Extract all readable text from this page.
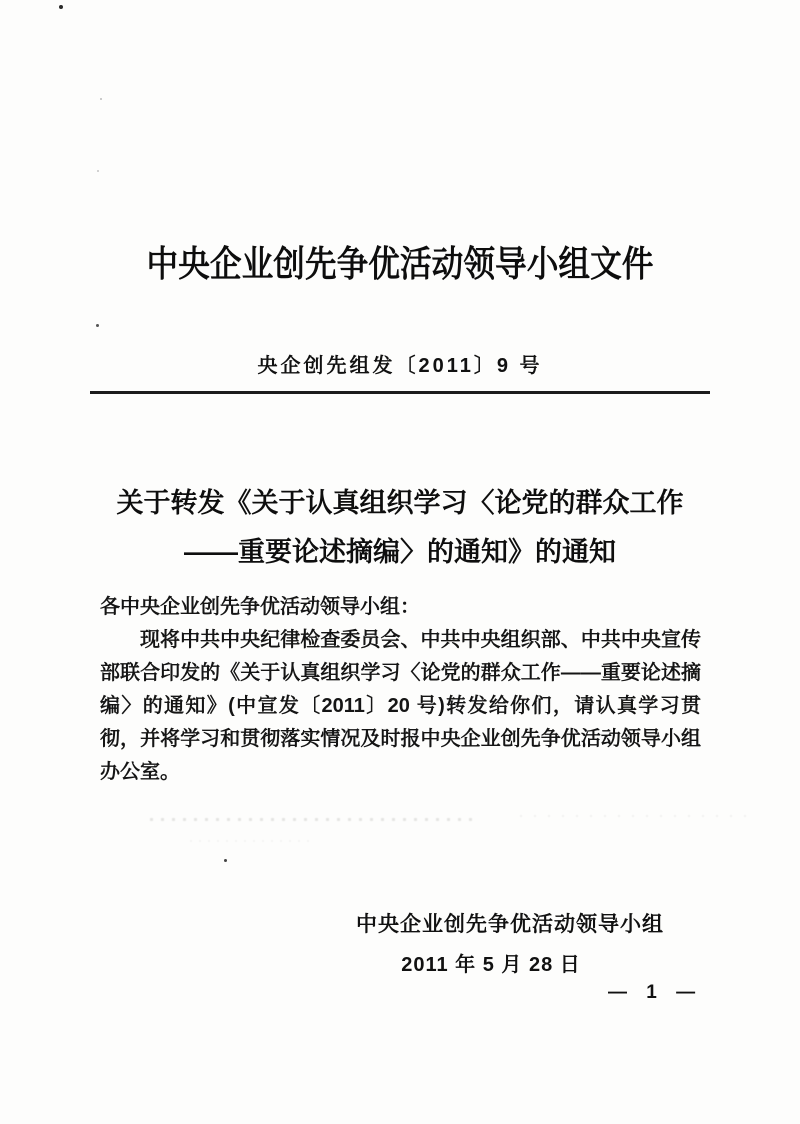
中央企业创先争优活动领导小组文件
央企创先组发〔2011〕9 号
关于转发《关于认真组织学习〈论党的群众工作
——重要论述摘编〉的通知》的通知

各中央企业创先争优活动领导小组：

现将中共中央纪律检查委员会、中共中央组织部、中共中央宣传部联合印发的《关于认真组织学习〈论党的群众工作——重要论述摘编〉的通知》(中宣发〔2011〕20 号)转发给你们，请认真学习贯彻，并将学习和贯彻落实情况及时报中央企业创先争优活动领导小组办公室。

中央企业创先争优活动领导小组
2011 年 5 月 28 日
— 1 —
